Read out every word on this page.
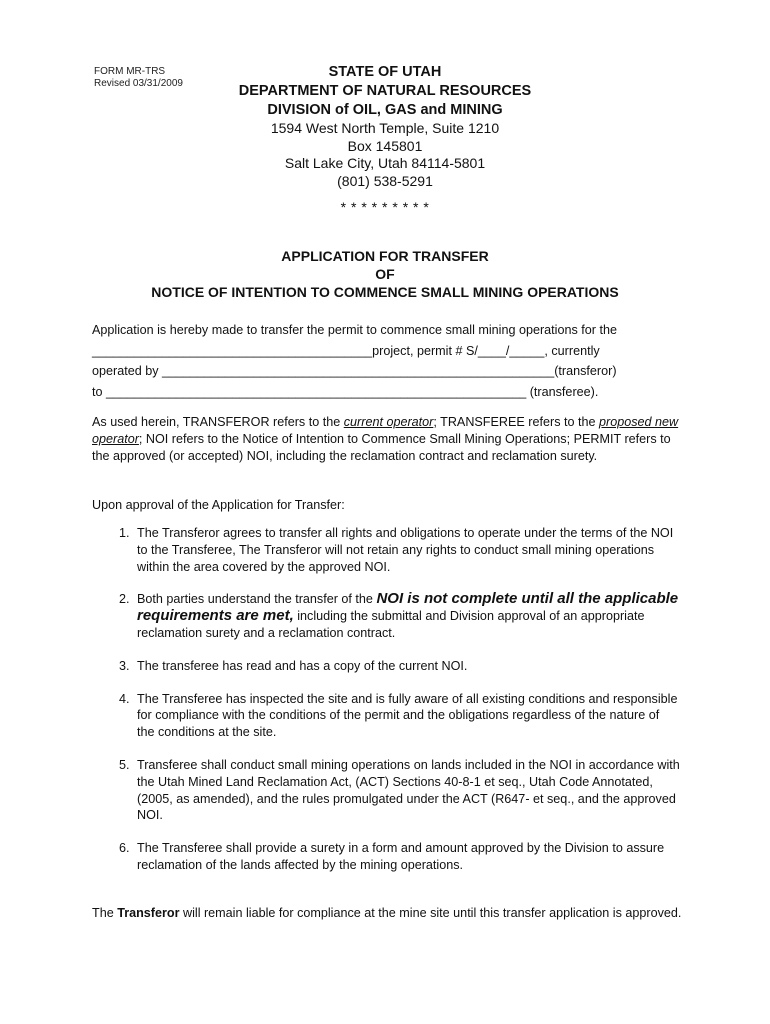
FORM MR-TRS
Revised 03/31/2009
STATE OF UTAH
DEPARTMENT OF NATURAL RESOURCES
DIVISION of OIL, GAS and MINING
1594 West North Temple, Suite 1210
Box 145801
Salt Lake City, Utah 84114-5801
(801) 538-5291
* * * * * * * * *
APPLICATION FOR TRANSFER
OF
NOTICE OF INTENTION TO COMMENCE SMALL MINING OPERATIONS
Application is hereby made to transfer the permit to commence small mining operations for the
________________________________________project, permit # S/____/_____, currently
operated by ________________________________________________________(transferor)
to ____________________________________________________________ (transferee).
As used herein, TRANSFEROR refers to the current operator; TRANSFEREE refers to the proposed new operator; NOI refers to the Notice of Intention to Commence Small Mining Operations; PERMIT refers to the approved (or accepted) NOI, including the reclamation contract and reclamation surety.
Upon approval of the Application for Transfer:
1. The Transferor agrees to transfer all rights and obligations to operate under the terms of the NOI to the Transferee, The Transferor will not retain any rights to conduct small mining operations within the area covered by the approved NOI.
2. Both parties understand the transfer of the NOI is not complete until all the applicable requirements are met, including the submittal and Division approval of an appropriate reclamation surety and a reclamation contract.
3. The transferee has read and has a copy of the current NOI.
4. The Transferee has inspected the site and is fully aware of all existing conditions and responsible for compliance with the conditions of the permit and the obligations regardless of the nature of the conditions at the site.
5. Transferee shall conduct small mining operations on lands included in the NOI in accordance with the Utah Mined Land Reclamation Act, (ACT) Sections 40-8-1 et seq., Utah Code Annotated, (2005, as amended), and the rules promulgated under the ACT (R647- et seq., and the approved NOI.
6. The Transferee shall provide a surety in a form and amount approved by the Division to assure reclamation of the lands affected by the mining operations.
The Transferor will remain liable for compliance at the mine site until this transfer application is approved.
